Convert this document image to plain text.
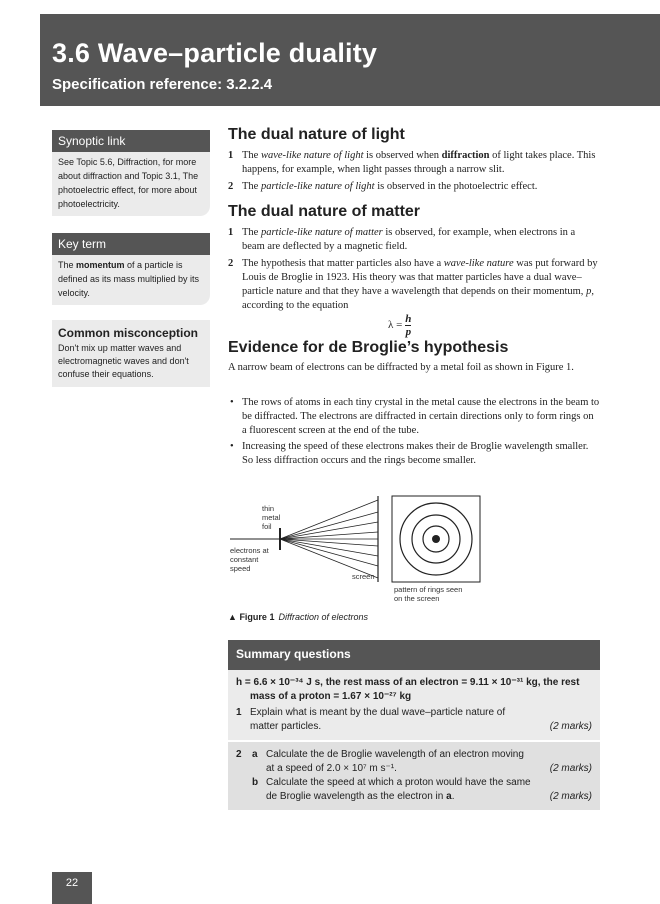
3.6 Wave–particle duality
Specification reference: 3.2.2.4
Synoptic link
See Topic 5.6, Diffraction, for more about diffraction and Topic 3.1, The photoelectric effect, for more about photoelectricity.
Key term
The momentum of a particle is defined as its mass multiplied by its velocity.
Common misconception
Don't mix up matter waves and electromagnetic waves and don't confuse their equations.
The dual nature of light
1 The wave-like nature of light is observed when diffraction of light takes place. This happens, for example, when light passes through a narrow slit.
2 The particle-like nature of light is observed in the photoelectric effect.
The dual nature of matter
1 The particle-like nature of matter is observed, for example, when electrons in a beam are deflected by a magnetic field.
2 The hypothesis that matter particles also have a wave-like nature was put forward by Louis de Broglie in 1923. His theory was that matter particles have a dual wave–particle nature and that they have a wavelength that depends on their momentum, p, according to the equation
$\lambda = \frac{h}{p}$
Evidence for de Broglie’s hypothesis
A narrow beam of electrons can be diffracted by a metal foil as shown in Figure 1.
• The rows of atoms in each tiny crystal in the metal cause the electrons in the beam to be diffracted. The electrons are diffracted in certain directions only to form rings on a fluorescent screen at the end of the tube.
• Increasing the speed of these electrons makes their de Broglie wavelength smaller. So less diffraction occurs and the rings become smaller.
thin
metal
foil
electrons at
constant
speed
screen
pattern of rings seen
on the screen
▲ Figure 1 Diffraction of electrons
Summary questions
h = 6.6 × 10⁻³⁴ J s, the rest mass of an electron = 9.11 × 10⁻³¹ kg, the rest
mass of a proton = 1.67 × 10⁻²⁷ kg
1 Explain what is meant by the dual wave–particle nature of
matter particles.	(2 marks)
2 a Calculate the de Broglie wavelength of an electron moving
at a speed of 2.0 × 10⁷ m s⁻¹.	(2 marks)
b Calculate the speed at which a proton would have the same
de Broglie wavelength as the electron in a.	(2 marks)
22
